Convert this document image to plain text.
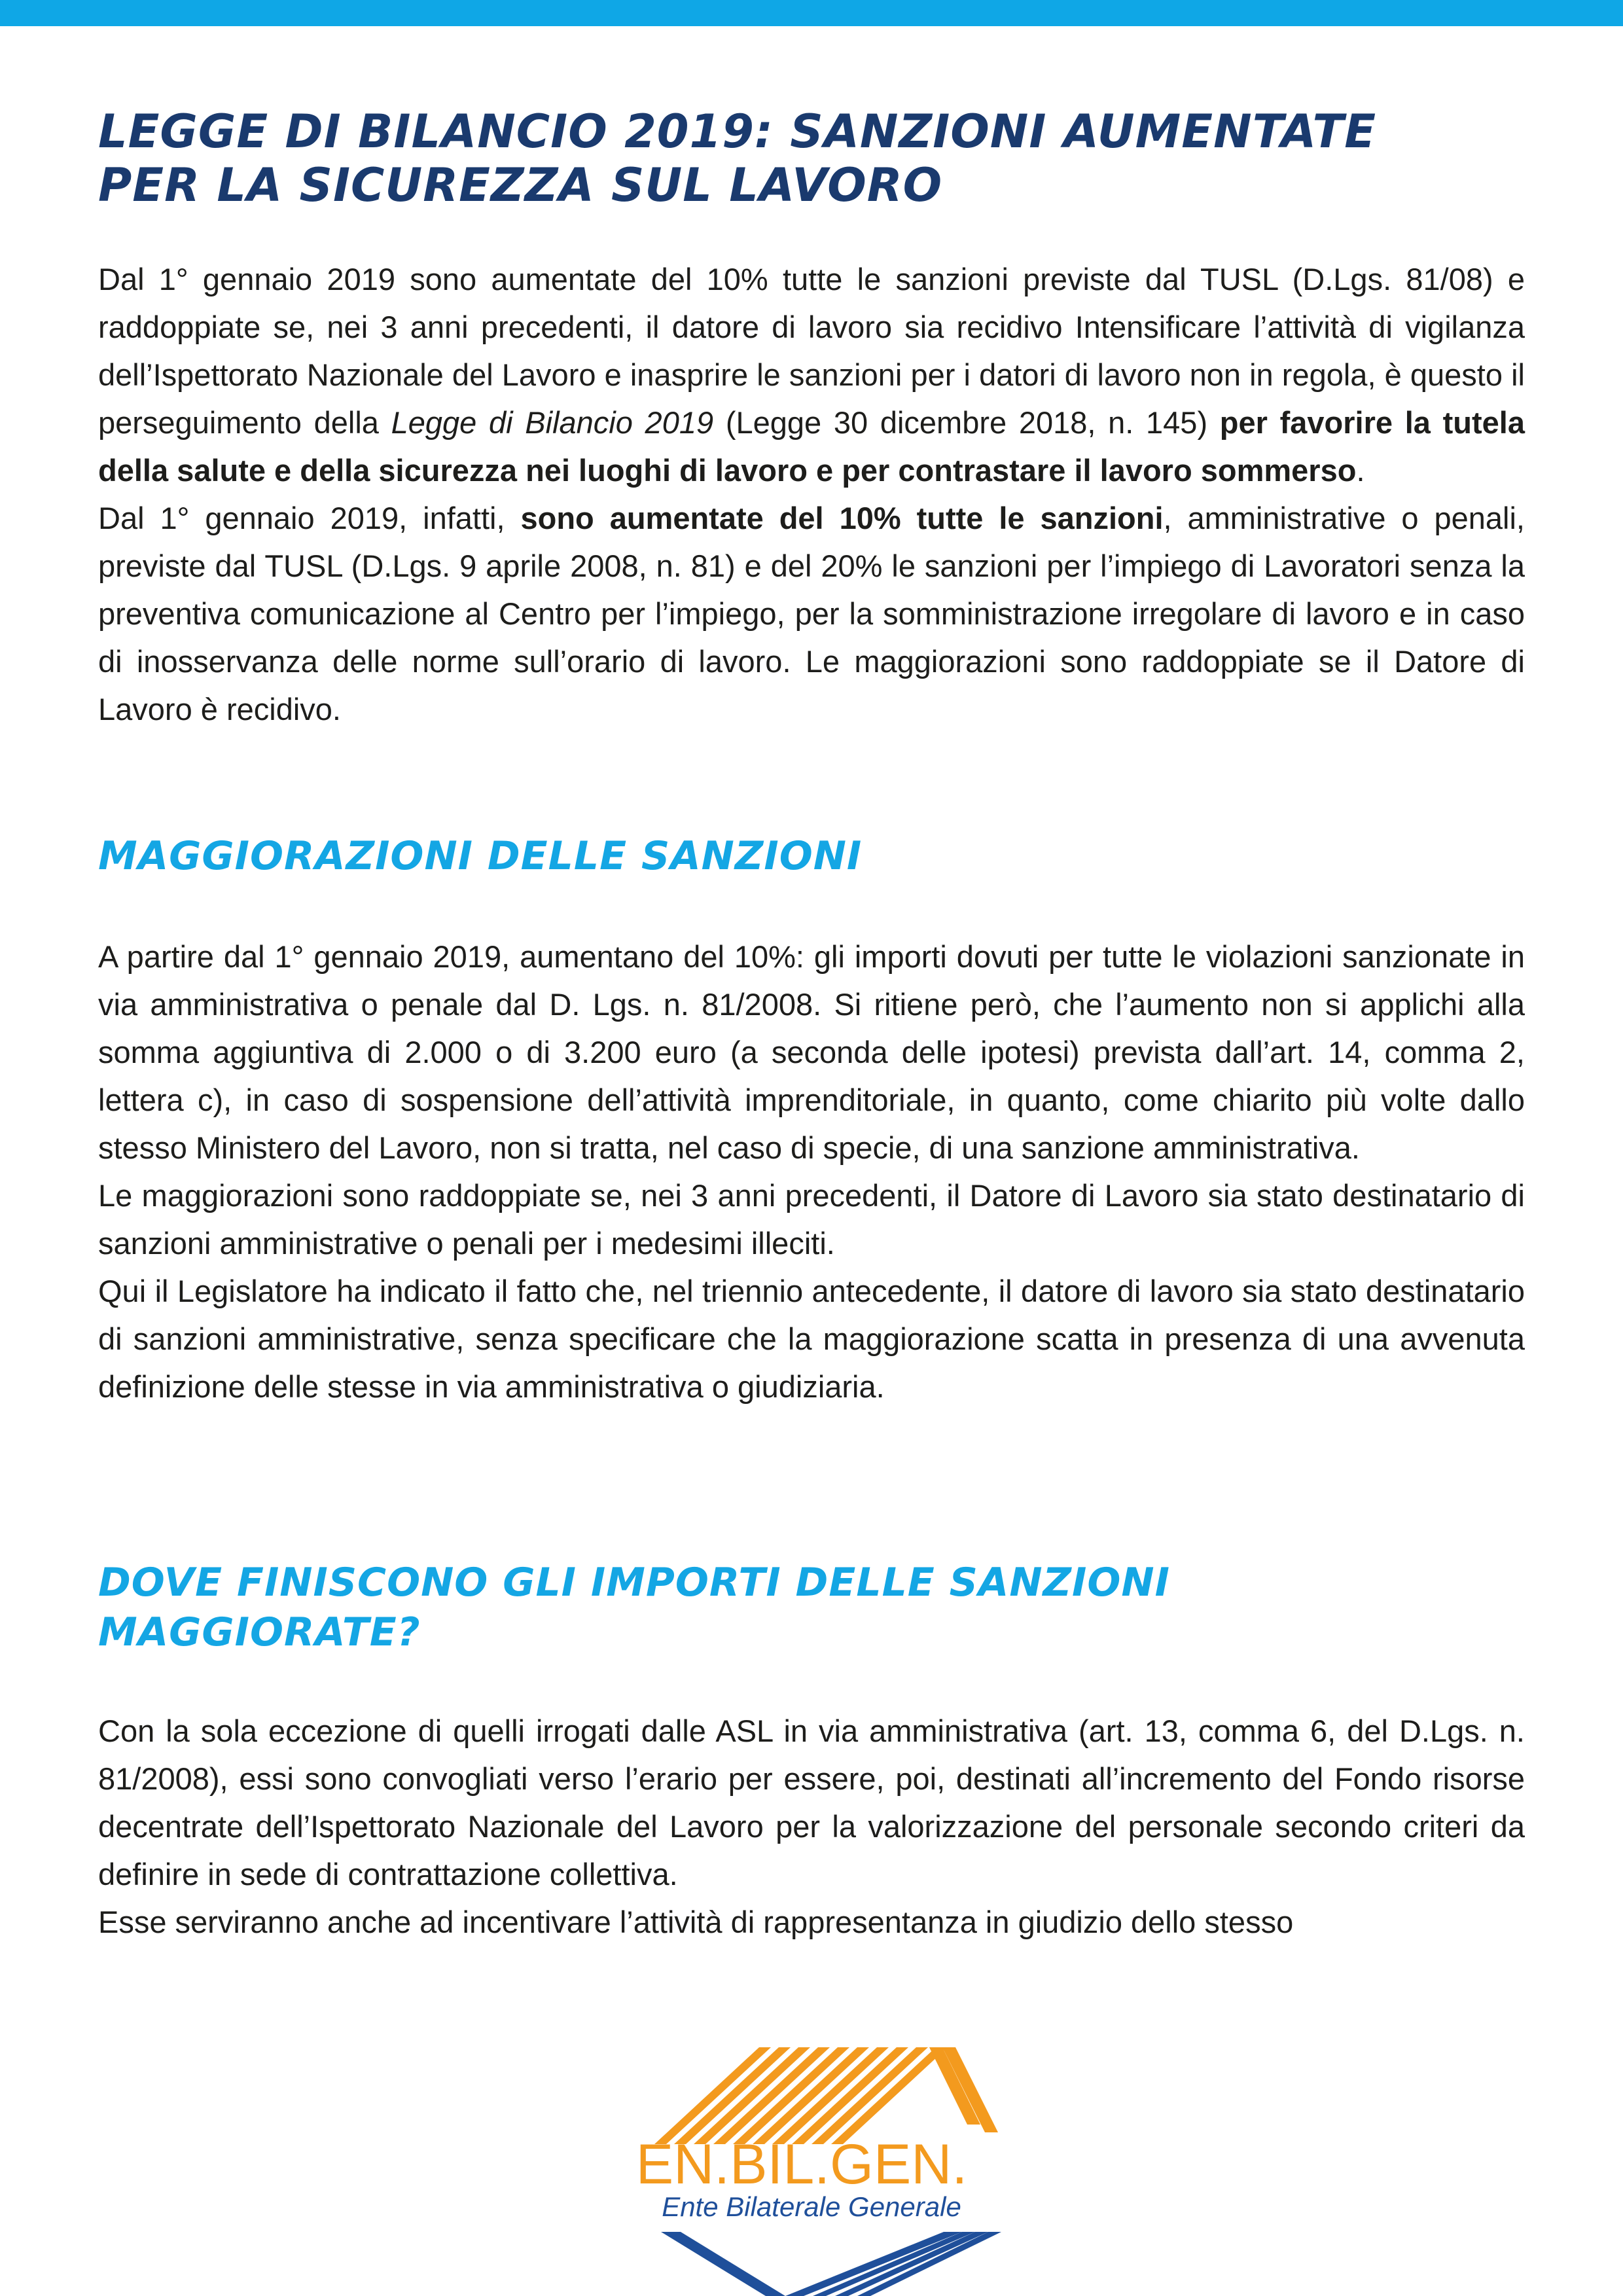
LEGGE DI BILANCIO 2019: SANZIONI AUMENTATE
PER LA SICUREZZA SUL LAVORO

Dal 1° gennaio 2019 sono aumentate del 10% tutte le sanzioni previste dal TUSL (D.Lgs. 81/08) e raddoppiate se, nei 3 anni precedenti, il datore di lavoro sia recidivo Intensificare l’attività di vigilanza dell’Ispettorato Nazionale del Lavoro e inasprire le sanzioni per i datori di lavoro non in regola, è questo il perseguimento della Legge di Bilancio 2019 (Legge 30 dicembre 2018, n. 145) per favorire la tutela della salute e della sicurezza nei luoghi di lavoro e per contrastare il lavoro sommerso.
Dal 1° gennaio 2019, infatti, sono aumentate del 10% tutte le sanzioni, amministrative o penali, previste dal TUSL (D.Lgs. 9 aprile 2008, n. 81) e del 20% le sanzioni per l’impiego di Lavoratori senza la preventiva comunicazione al Centro per l’impiego, per la somministrazione irregolare di lavoro e in caso di inosservanza delle norme sull’orario di lavoro. Le maggiorazioni sono raddoppiate se il Datore di Lavoro è recidivo.

MAGGIORAZIONI DELLE SANZIONI

A partire dal 1° gennaio 2019, aumentano del 10%: gli importi dovuti per tutte le violazioni sanzionate in via amministrativa o penale dal D. Lgs. n. 81/2008. Si ritiene però, che l’aumento non si applichi alla somma aggiuntiva di 2.000 o di 3.200 euro (a seconda delle ipotesi) prevista dall’art. 14, comma 2, lettera c), in caso di sospensione dell’attività imprenditoriale, in quanto, come chiarito più volte dallo stesso Ministero del Lavoro, non si tratta, nel caso di specie, di una sanzione amministrativa.
Le maggiorazioni sono raddoppiate se, nei 3 anni precedenti, il Datore di Lavoro sia stato destinatario di sanzioni amministrative o penali per i medesimi illeciti.
Qui il Legislatore ha indicato il fatto che, nel triennio antecedente, il datore di lavoro sia stato destinatario di sanzioni amministrative, senza specificare che la maggiorazione scatta in presenza di una avvenuta definizione delle stesse in via amministrativa o giudiziaria.

DOVE FINISCONO GLI IMPORTI DELLE SANZIONI
MAGGIORATE?

Con la sola eccezione di quelli irrogati dalle ASL in via amministrativa (art. 13, comma 6, del D.Lgs. n. 81/2008), essi sono convogliati verso l’erario per essere, poi, destinati all’incremento del Fondo risorse decentrate dell’Ispettorato Nazionale del Lavoro per la valorizzazione del personale secondo criteri da definire in sede di contrattazione collettiva.
Esse serviranno anche ad incentivare l’attività di rappresentanza in giudizio dello stesso

EN.BIL.GEN.
Ente Bilaterale Generale
